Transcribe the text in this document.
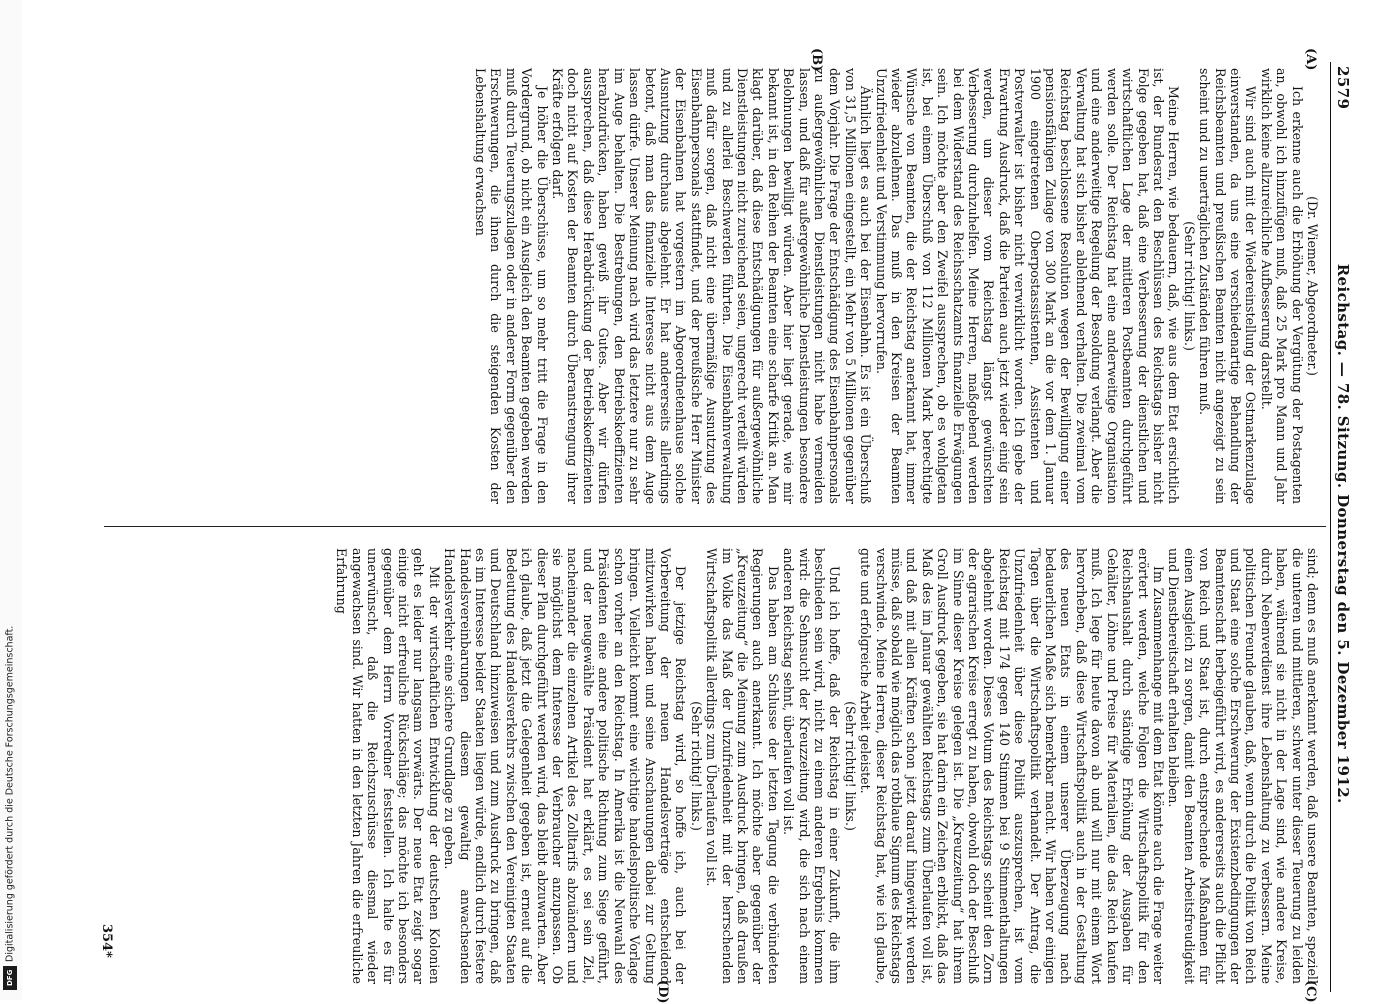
Digitalisierung gefördert durch die Deutsche Forschungsgemeinschaft.
DFG
2579
Reichstag. — 78. Sitzung. Donnerstag den 5. Dezember 1912.
(A)
(B)
(C)
(D)

(Dr. Wiemer, Abgeordneter.)

Ich erkenne auch die Erhöhung der Vergütung der Postagenten an, obwohl ich hinzufügen muß, daß 25 Mark pro Mann und Jahr wirklich keine allzureichliche Aufbesserung darstellt.

Wir sind auch mit der Wiedereinstellung der Ostmarkenzulage einverstanden, da uns eine verschiedenartige Behandlung der Reichsbeamten und preußischen Beamten nicht angezeigt zu sein scheint und zu unerträglichen Zuständen führen muß.

(Sehr richtig! links.)

Meine Herren, wie bedauern, daß, wie aus dem Etat ersichtlich ist, der Bundesrat den Beschlüssen des Reichstags bisher nicht Folge gegeben hat, daß eine Verbesserung der dienstlichen und wirtschaftlichen Lage der mittleren Postbeamten durchgeführt werden solle. Der Reichstag hat eine anderweitige Organisation und eine anderweitige Regelung der Besoldung verlangt. Aber die Verwaltung hat sich bisher ablehnend verhalten. Die zweimal vom Reichstag beschlossene Resolution wegen der Bewilligung einer pensionsfähigen Zulage von 300 Mark an die vor dem 1. Januar 1900 eingetretenen Oberpostassistenten, Assistenten und Postverwalter ist bisher nicht verwirklicht worden. Ich gebe der Erwartung Ausdruck, daß die Parteien auch jetzt wieder einig sein werden, um dieser vom Reichstag längst gewünschten Verbesserung durchzuhelfen. Meine Herren, maßgebend werden bei dem Widerstand des Reichsschatzamts finanzielle Erwägungen sein. Ich möchte aber den Zweifel aussprechen, ob es wohlgetan ist, bei einem Überschuß von 112 Millionen Mark berechtigte Wünsche von Beamten, die der Reichstag anerkannt hat, immer wieder abzulehnen. Das muß in den Kreisen der Beamten Unzufriedenheit und Verstimmung hervorrufen.

Ähnlich liegt es auch bei der Eisenbahn. Es ist ein Überschuß von 31,5 Millionen eingestellt, ein Mehr von 5 Millionen gegenüber dem Vorjahr. Die Frage der Entschädigung des Eisenbahnpersonals zu außergewöhnlichen Dienstleistungen nicht habe vermeiden lassen, und daß für außergewöhnliche Dienstleistungen besondere Belohnungen bewilligt würden. Aber hier liegt gerade, wie mir bekannt ist, in den Reihen der Beamten eine scharfe Kritik an. Man klagt darüber, daß diese Entschädigungen für außergewöhnliche Dienstleistungen nicht zureichend seien, ungerecht verteilt würden und zu allerlei Beschwerden führten. Die Eisenbahnverwaltung muß dafür sorgen, daß nicht eine übermäßige Ausnutzung des Eisenbahnpersonals stattfindet, und der preußische Herr Minister der Eisenbahnen hat vorgestern im Abgeordnetenhause solche Ausnutzung durchaus abgelehnt. Er hat andererseits allerdings betont, daß man das finanzielle Interesse nicht aus dem Auge lassen dürfe. Unserer Meinung nach wird das letztere nur zu sehr im Auge behalten. Die Bestrebungen, den Betriebskoeffizienten herabzudrücken, haben gewiß ihr Gutes. Aber wir dürfen aussprechen, daß diese Herabdrückung der Betriebskoeffizienten doch nicht auf Kosten der Beamten durch Überanstrengung ihrer Kräfte erfolgen darf.

Je höher die Überschüsse, um so mehr tritt die Frage in den Vordergrund, ob nicht ein Ausgleich den Beamten gegeben werden muß durch Teuerungszulagen oder in anderer Form gegenüber den Erschwerungen, die ihnen durch die steigenden Kosten der Lebenshaltung erwachsen

sind; denn es muß anerkannt werden, daß unsere Beamten, speziell die unteren und mittleren, schwer unter dieser Teuerung zu leiden haben, während sie nicht in der Lage sind, wie andere Kreise, durch Nebenverdienst ihre Lebenshaltung zu verbessern. Meine politischen Freunde glauben, daß, wenn durch die Politik von Reich und Staat eine solche Erschwerung der Existenzbedingungen der Beamtenschaft herbeigeführt wird, es andererseits auch die Pflicht von Reich und Staat ist, durch entsprechende Maßnahmen für einen Ausgleich zu sorgen, damit den Beamten Arbeitsfreudigkeit und Dienstbereitschaft erhalten bleiben.

Im Zusammenhange mit dem Etat könnte auch die Frage weiter erörtert werden, welche Folgen die Wirtschaftspolitik für den Reichshaushalt durch ständige Erhöhung der Ausgaben für Gehälter, Löhne und Preise für Materialien, die das Reich kaufen muß. Ich lege für heute davon ab und will nur mit einem Wort hervorheben, daß diese Wirtschaftspolitik auch in der Gestaltung des neuen Etats in einem unserer Überzeugung nach bedauerlichen Maße sich bemerkbar macht. Wir haben vor einigen Tagen über die Wirtschaftspolitik verhandelt. Der Antrag, die Unzufriedenheit über diese Politik auszusprechen, ist vom Reichstag mit 174 gegen 140 Stimmen bei 9 Stimmenthaltungen abgelehnt worden. Dieses Votum des Reichstags scheint den Zorn der agrarischen Kreise erregt zu haben, obwohl doch der Beschluß im Sinne dieser Kreise gelegen ist. Die „Kreuzzeitung“ hat ihrem Groll Ausdruck gegeben, sie hat darin ein Zeichen erblickt, daß das Maß des im Januar gewählten Reichstags zum Überlaufen voll ist, und daß mit allen Kräften schon jetzt darauf hingewirkt werden müsse, daß sobald wie möglich das rotblaue Signum des Reichstags verschwinde. Meine Herren, dieser Reichstag hat, wie ich glaube, gute und erfolgreiche Arbeit geleistet.

(Sehr richtig! links.)

Und ich hoffe, daß der Reichstag in einer Zukunft, die ihm beschieden sein wird, nicht zu einem anderen Ergebnis kommen wird: die Sehnsucht der Kreuzzeitung wird, die sich nach einem anderen Reichstag sehnt, überlaufen voll ist.

Das haben am Schlusse der letzten Tagung die verbündeten Regierungen auch anerkannt. Ich möchte aber gegenüber der „Kreuzzeitung“ die Meinung zum Ausdruck bringen, daß draußen im Volke das Maß der Unzufriedenheit mit der herrschenden Wirtschaftspolitik allerdings zum Überlaufen voll ist.

(Sehr richtig! links.)

Der jetzige Reichstag wird, so hoffe ich, auch bei der Vorbereitung der neuen Handelsverträge entscheidend mitzuwirken haben und seine Anschauungen dabei zur Geltung bringen. Vielleicht kommt eine wichtige handelspolitische Vorlage schon vorher an den Reichstag. In Amerika ist die Neuwahl des Präsidenten eine andere politische Richtung zum Siege geführt, und der neugewählte Präsident hat erklärt, es sei sein Ziel, nacheinander die einzelnen Artikel des Zolltarifs abzuändern und sie möglichst dem Interesse der Verbraucher anzupassen. Ob dieser Plan durchgeführt werden wird, das bleibt abzuwarten. Aber ich glaube, daß jetzt die Gelegenheit gegeben ist, erneut auf die Bedeutung des Handelsverkehrs zwischen den Vereinigten Staaten und Deutschland hinzuweisen und zum Ausdruck zu bringen, daß es im Interesse beider Staaten liegen würde, endlich durch festere Handelsvereinbarungen diesem gewaltig anwachsenden Handelsverkehr eine sichere Grundlage zu geben.

Mit der wirtschaftlichen Entwicklung der deutschen Kolonien geht es leider nur langsam vorwärts. Der neue Etat zeigt sogar einige nicht erfreuliche Rückschläge; das möchte ich besonders gegenüber dem Herrn Vorredner feststellen. Ich halte es für unerwünscht, daß die Reichszuschüsse diesmal wieder angewachsen sind. Wir hatten in den letzten Jahren die erfreuliche Erfahrung

354*
